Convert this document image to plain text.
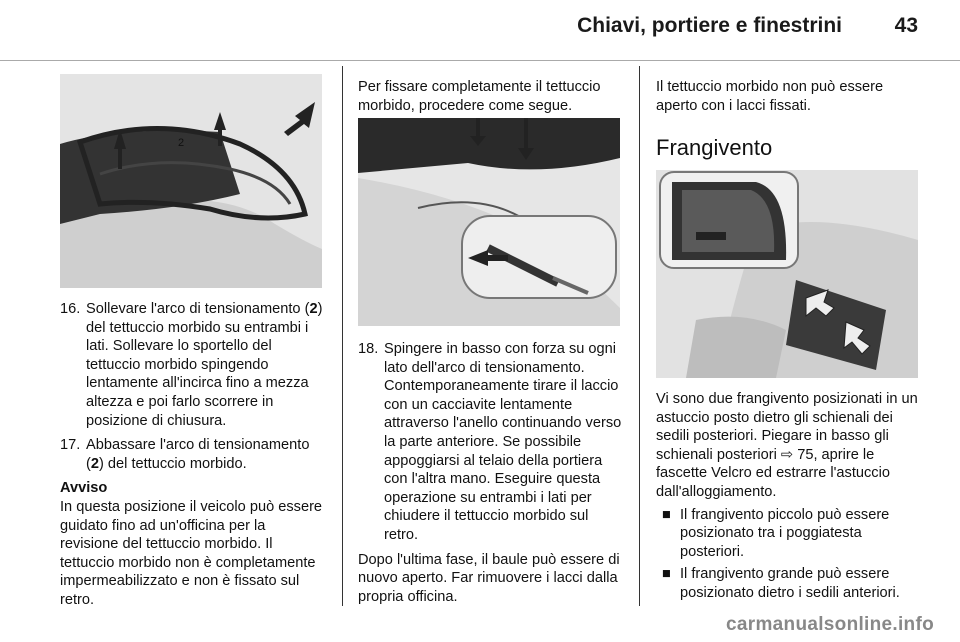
Chiavi, portiere e finestrini	43
2
16. Sollevare l'arco di tensionamento (2) del tettuccio morbido su entrambi i lati. Sollevare lo sportello del tettuccio morbido spingendo lentamente all'incirca fino a mezza altezza e poi farlo scorrere in posizione di chiusura.
17. Abbassare l'arco di tensionamento (2) del tettuccio morbido.

Avviso

In questa posizione il veicolo può essere guidato fino ad un'officina per la revisione del tettuccio morbido. Il tettuccio morbido non è completamente impermeabilizzato e non è fissato sul retro.

Per fissare completamente il tettuccio morbido, procedere come segue.

18. Spingere in basso con forza su ogni lato dell'arco di tensionamento. Contemporaneamente tirare il laccio con un cacciavite lentamente attraverso l'anello continuando verso la parte anteriore. Se possibile appoggiarsi al telaio della portiera con l'altra mano. Eseguire questa operazione su entrambi i lati per chiudere il tettuccio morbido sul retro.

Dopo l'ultima fase, il baule può essere di nuovo aperto. Far rimuovere i lacci dalla propria officina.

Il tettuccio morbido non può essere aperto con i lacci fissati.

Frangivento

Vi sono due frangivento posizionati in un astuccio posto dietro gli schienali dei sedili posteriori. Piegare in basso gli schienali posteriori ⇨ 75, aprire le fascette Velcro ed estrarre l'astuccio dall'alloggiamento.

■ Il frangivento piccolo può essere posizionato tra i poggiatesta posteriori.
■ Il frangivento grande può essere posizionato dietro i sedili anteriori.
carmanualsonline.info
